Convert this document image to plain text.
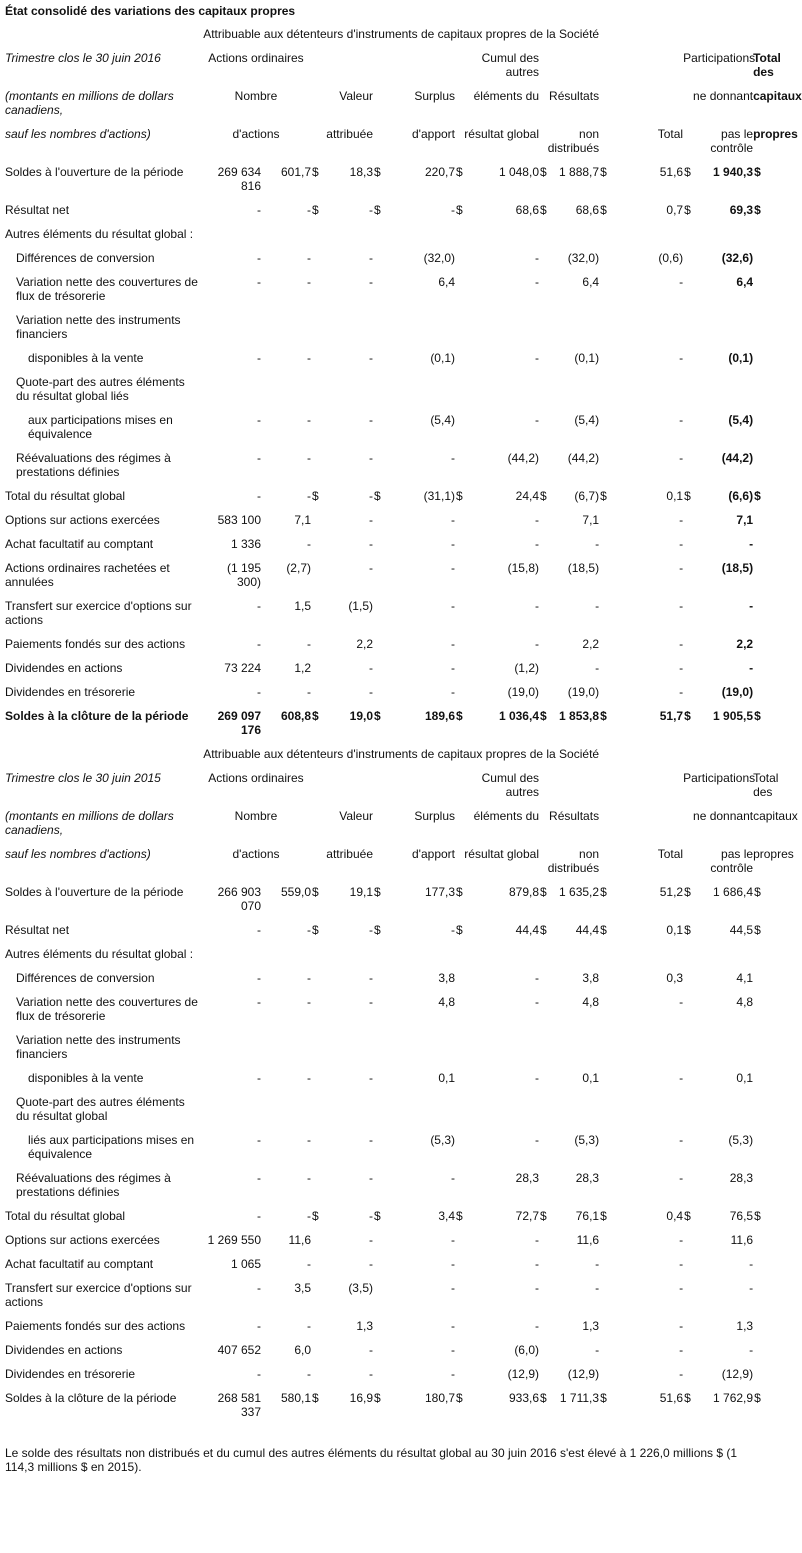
État consolidé des variations des capitaux propres
	Attribuable aux détenteurs d'instruments de capitaux propres de la Société														
Trimestre clos le 30 juin 2016	Actions ordinaires						Cumul des autres						Participations		Total des
(montants en millions de dollars canadiens,	Nombre		Valeur		Surplus		éléments du		Résultats				ne donnant		capitaux
sauf les nombres d'actions)	d'actions		attribuée		d'apport		résultat global		non distribués		Total		pas le contrôle		propres
Soldes à l'ouverture de la période	269 634 816	601,7	$	18,3	$	220,7	$	1 048,0	$	1 888,7	$	51,6	$	1 940,3	$
Résultat net	-	-	$	-	$	-	$	68,6	$	68,6	$	0,7	$	69,3	$
Autres éléments du résultat global :															
Différences de conversion	-	-		-		(32,0)		-		(32,0)		(0,6)		(32,6)	
Variation nette des couvertures de flux de trésorerie	-	-		-		6,4		-		6,4		-		6,4	
Variation nette des instruments financiers															
disponibles à la vente	-	-		-		(0,1)		-		(0,1)		-		(0,1)	
Quote-part des autres éléments du résultat global liés															
aux participations mises en équivalence	-	-		-		(5,4)		-		(5,4)		-		(5,4)	
Réévaluations des régimes à prestations définies	-	-		-		-		(44,2)		(44,2)		-		(44,2)	
Total du résultat global	-	-	$	-	$	(31,1)	$	24,4	$	(6,7)	$	0,1	$	(6,6)	$
Options sur actions exercées	583 100	7,1		-		-		-		7,1		-		7,1	
Achat facultatif au comptant	1 336	-		-		-		-		-		-		-	
Actions ordinaires rachetées et annulées	(1 195 300)	(2,7)		-		-		(15,8)		(18,5)		-		(18,5)	
Transfert sur exercice d'options sur actions	-	1,5		(1,5)		-		-		-		-		-	
Paiements fondés sur des actions	-	-		2,2		-		-		2,2		-		2,2	
Dividendes en actions	73 224	1,2		-		-		(1,2)		-		-		-	
Dividendes en trésorerie	-	-		-		-		(19,0)		(19,0)		-		(19,0)	
Soldes à la clôture de la période	269 097 176	608,8	$	19,0	$	189,6	$	1 036,4	$	1 853,8	$	51,7	$	1 905,5	$
	Attribuable aux détenteurs d'instruments de capitaux propres de la Société														
Trimestre clos le 30 juin 2015	Actions ordinaires						Cumul des autres						Participations		Total des
(montants en millions de dollars canadiens,	Nombre		Valeur		Surplus		éléments du		Résultats				ne donnant		capitaux
sauf les nombres d'actions)	d'actions		attribuée		d'apport		résultat global		non distribués		Total		pas le contrôle		propres
Soldes à l'ouverture de la période	266 903 070	559,0	$	19,1	$	177,3	$	879,8	$	1 635,2	$	51,2	$	1 686,4	$
Résultat net	-	-	$	-	$	-	$	44,4	$	44,4	$	0,1	$	44,5	$
Autres éléments du résultat global :															
Différences de conversion	-	-		-		3,8		-		3,8		0,3		4,1	
Variation nette des couvertures de flux de trésorerie	-	-		-		4,8		-		4,8		-		4,8	
Variation nette des instruments financiers															
disponibles à la vente	-	-		-		0,1		-		0,1		-		0,1	
Quote-part des autres éléments du résultat global															
liés aux participations mises en équivalence	-	-		-		(5,3)		-		(5,3)		-		(5,3)	
Réévaluations des régimes à prestations définies	-	-		-		-		28,3		28,3		-		28,3	
Total du résultat global	-	-	$	-	$	3,4	$	72,7	$	76,1	$	0,4	$	76,5	$
Options sur actions exercées	1 269 550	11,6		-		-		-		11,6		-		11,6	
Achat facultatif au comptant	1 065	-		-		-		-		-		-		-	
Transfert sur exercice d'options sur actions	-	3,5		(3,5)		-		-		-		-		-	
Paiements fondés sur des actions	-	-		1,3		-		-		1,3		-		1,3	
Dividendes en actions	407 652	6,0		-		-		(6,0)		-		-		-	
Dividendes en trésorerie	-	-		-		-		(12,9)		(12,9)		-		(12,9)	
Soldes à la clôture de la période	268 581 337	580,1	$	16,9	$	180,7	$	933,6	$	1 711,3	$	51,6	$	1 762,9	$
Le solde des résultats non distribués et du cumul des autres éléments du résultat global au 30 juin 2016 s'est élevé à 1 226,0 millions $ (1 114,3 millions $ en 2015).
